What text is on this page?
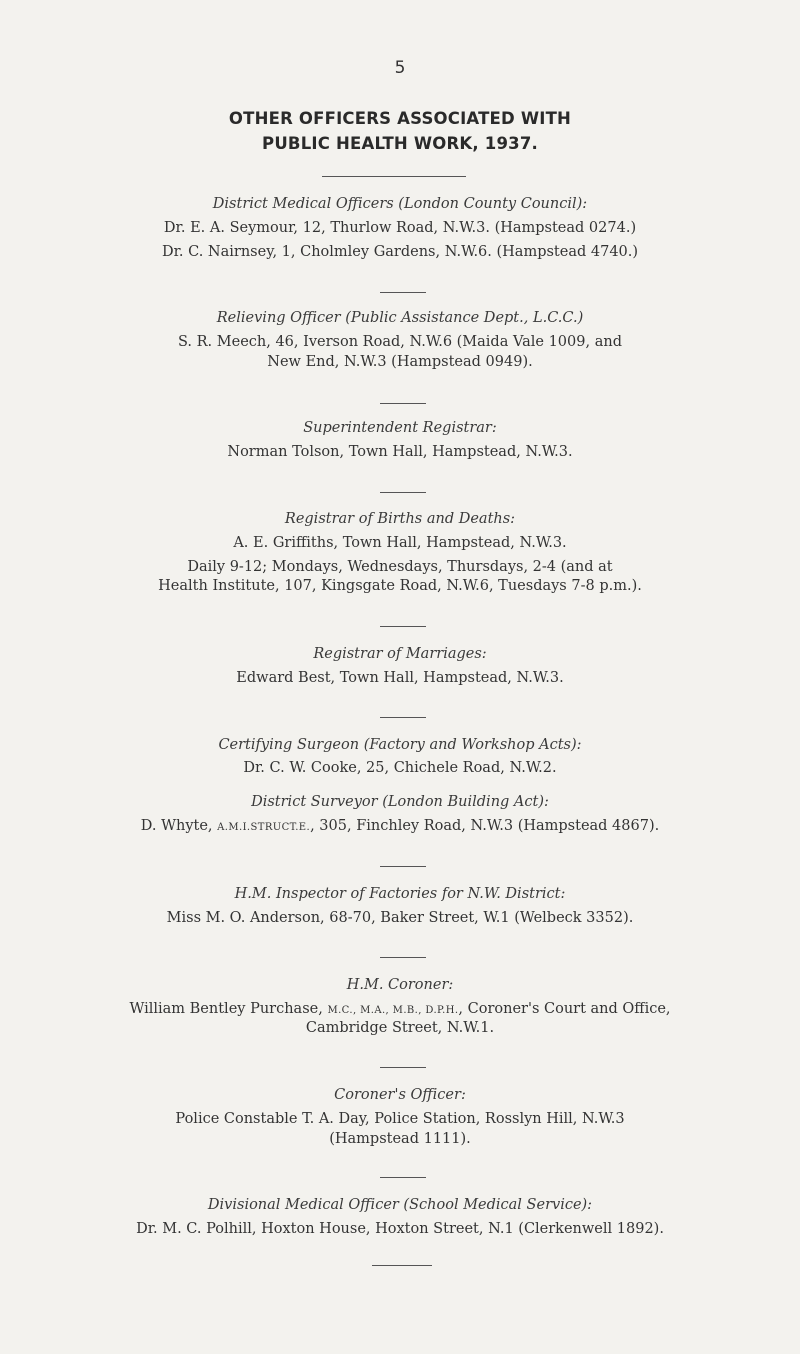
5
OTHER OFFICERS ASSOCIATED WITH
PUBLIC HEALTH WORK, 1937.
District Medical Officers (London County Council):
Dr. E. A. Seymour, 12, Thurlow Road, N.W.3. (Hampstead 0274.)
Dr. C. Nairnsey, 1, Cholmley Gardens, N.W.6. (Hampstead 4740.)
Relieving Officer (Public Assistance Dept., L.C.C.)
S. R. Meech, 46, Iverson Road, N.W.6 (Maida Vale 1009, and
New End, N.W.3 (Hampstead 0949).
Superintendent Registrar:
Norman Tolson, Town Hall, Hampstead, N.W.3.
Registrar of Births and Deaths:
A. E. Griffiths, Town Hall, Hampstead, N.W.3.
Daily 9-12; Mondays, Wednesdays, Thursdays, 2-4 (and at
Health Institute, 107, Kingsgate Road, N.W.6, Tuesdays 7-8 p.m.).
Registrar of Marriages:
Edward Best, Town Hall, Hampstead, N.W.3.
Certifying Surgeon (Factory and Workshop Acts):
Dr. C. W. Cooke, 25, Chichele Road, N.W.2.
District Surveyor (London Building Act):
D. Whyte, A.M.I.STRUCT.E., 305, Finchley Road, N.W.3 (Hampstead 4867).
H.M. Inspector of Factories for N.W. District:
Miss M. O. Anderson, 68-70, Baker Street, W.1 (Welbeck 3352).
H.M. Coroner:
William Bentley Purchase, M.C., M.A., M.B., D.P.H., Coroner's Court and Office,
Cambridge Street, N.W.1.
Coroner's Officer:
Police Constable T. A. Day, Police Station, Rosslyn Hill, N.W.3
(Hampstead 1111).
Divisional Medical Officer (School Medical Service):
Dr. M. C. Polhill, Hoxton House, Hoxton Street, N.1 (Clerkenwell 1892).
